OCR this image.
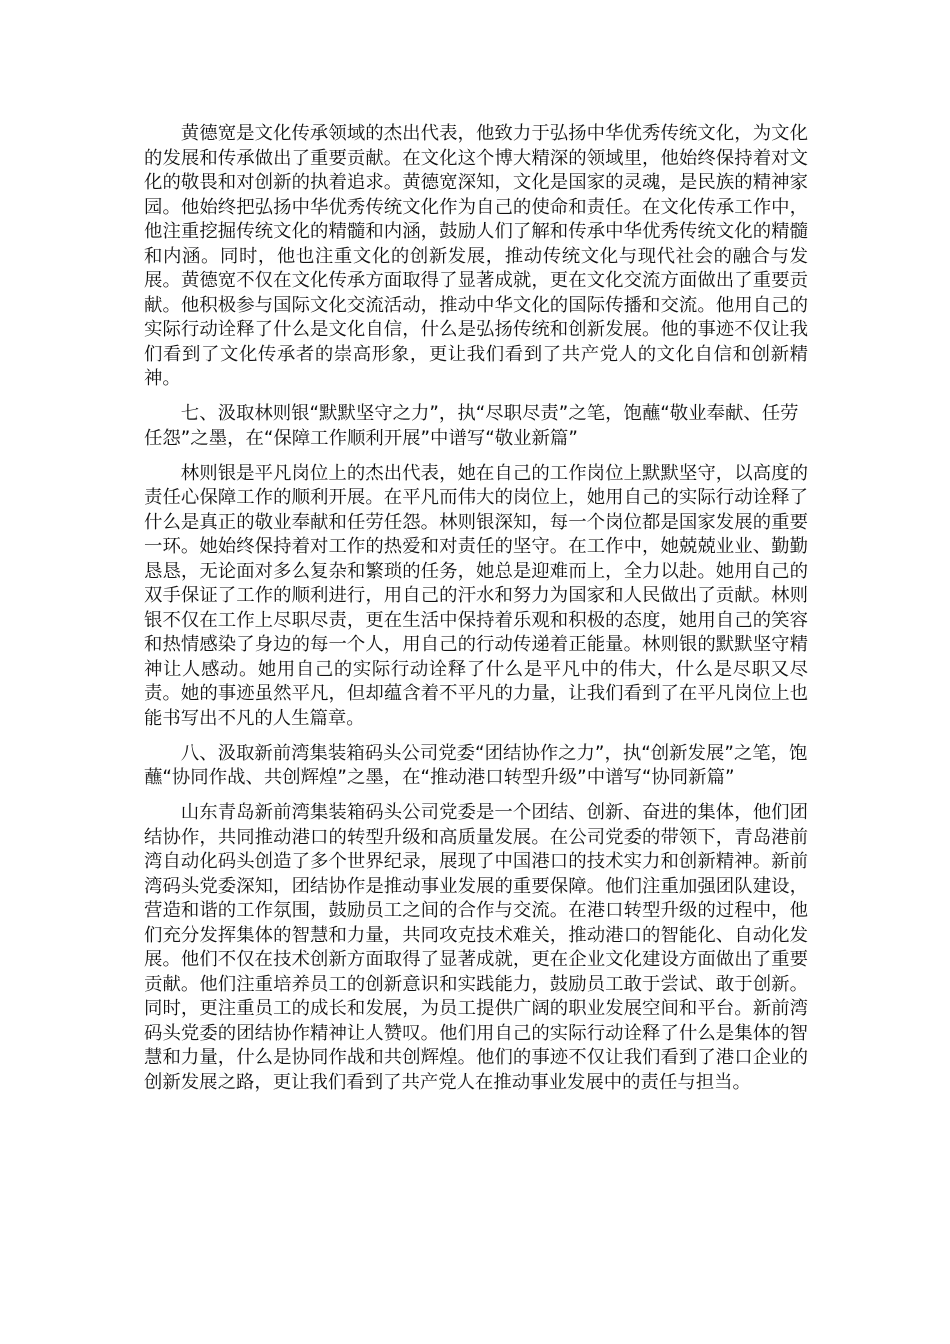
黄德宽是文化传承领域的杰出代表，他致力于弘扬中华优秀传统文化，为文化的发展和传承做出了重要贡献。在文化这个博大精深的领域里，他始终保持着对文化的敬畏和对创新的执着追求。黄德宽深知，文化是国家的灵魂，是民族的精神家园。他始终把弘扬中华优秀传统文化作为自己的使命和责任。在文化传承工作中，他注重挖掘传统文化的精髓和内涵，鼓励人们了解和传承中华优秀传统文化的精髓和内涵。同时，他也注重文化的创新发展，推动传统文化与现代社会的融合与发展。黄德宽不仅在文化传承方面取得了显著成就，更在文化交流方面做出了重要贡献。他积极参与国际文化交流活动，推动中华文化的国际传播和交流。他用自己的实际行动诠释了什么是文化自信，什么是弘扬传统和创新发展。他的事迹不仅让我们看到了文化传承者的崇高形象，更让我们看到了共产党人的文化自信和创新精神。

七、汲取林则银“默默坚守之力”，执“尽职尽责”之笔，饱蘸“敬业奉献、任劳任怨”之墨，在“保障工作顺利开展”中谱写“敬业新篇”

林则银是平凡岗位上的杰出代表，她在自己的工作岗位上默默坚守，以高度的责任心保障工作的顺利开展。在平凡而伟大的岗位上，她用自己的实际行动诠释了什么是真正的敬业奉献和任劳任怨。林则银深知，每一个岗位都是国家发展的重要一环。她始终保持着对工作的热爱和对责任的坚守。在工作中，她兢兢业业、勤勤恳恳，无论面对多么复杂和繁琐的任务，她总是迎难而上，全力以赴。她用自己的双手保证了工作的顺利进行，用自己的汗水和努力为国家和人民做出了贡献。林则银不仅在工作上尽职尽责，更在生活中保持着乐观和积极的态度，她用自己的笑容和热情感染了身边的每一个人，用自己的行动传递着正能量。林则银的默默坚守精神让人感动。她用自己的实际行动诠释了什么是平凡中的伟大，什么是尽职又尽责。她的事迹虽然平凡，但却蕴含着不平凡的力量，让我们看到了在平凡岗位上也能书写出不凡的人生篇章。

八、汲取新前湾集装箱码头公司党委“团结协作之力”，执“创新发展”之笔，饱蘸“协同作战、共创辉煌”之墨，在“推动港口转型升级”中谱写“协同新篇”

山东青岛新前湾集装箱码头公司党委是一个团结、创新、奋进的集体，他们团结协作，共同推动港口的转型升级和高质量发展。在公司党委的带领下，青岛港前湾自动化码头创造了多个世界纪录，展现了中国港口的技术实力和创新精神。新前湾码头党委深知，团结协作是推动事业发展的重要保障。他们注重加强团队建设，营造和谐的工作氛围，鼓励员工之间的合作与交流。在港口转型升级的过程中，他们充分发挥集体的智慧和力量，共同攻克技术难关，推动港口的智能化、自动化发展。他们不仅在技术创新方面取得了显著成就，更在企业文化建设方面做出了重要贡献。他们注重培养员工的创新意识和实践能力，鼓励员工敢于尝试、敢于创新。同时，更注重员工的成长和发展，为员工提供广阔的职业发展空间和平台。新前湾码头党委的团结协作精神让人赞叹。他们用自己的实际行动诠释了什么是集体的智慧和力量，什么是协同作战和共创辉煌。他们的事迹不仅让我们看到了港口企业的创新发展之路，更让我们看到了共产党人在推动事业发展中的责任与担当。
